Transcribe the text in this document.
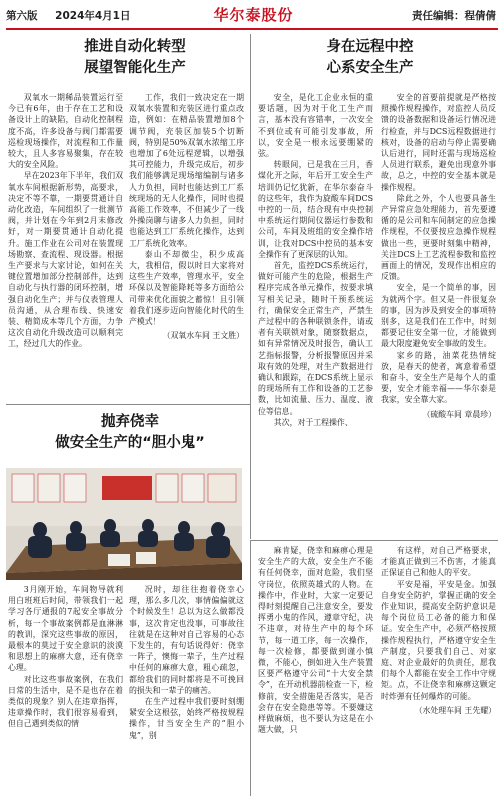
第六版 2024年4月1日	华尔泰股份	责任编辑：程倩倩
推进自动化转型
展望智能化生产

双氧水一期稀品装置运行至今已有6年，由于存在工艺和设备设计上的缺陷，自动化控制程度不高，许多设备与阀门都需要巡检现场操作，对流程和工作量较大，且人多容易聚集，存在较大的安全风险。

早在2023年下半年，我们双氧水车间根据新形势，高要求，决定不等不靠，一期要贯通计自动化改造，车间组织了一批测节阀，并计划在今年到2月末修改好，对一期要贯通计自动化提升。施工作业在公司对在装置现场勘察、查流程、现设器。根据生产要求与大家讨论，如何在关键位置增加部分控制部件，达到自动化与执行器的闭环控制，增强自动化生产；并与仪表管理人员沟通，从合理布线、快速安装、精简成本等几个方面，力争这次自动化升级改造可以顺利完工，经过几大的作业。

工作，我们一致决定在一期双氧水装置和充装区进行重点改造，例如：在精品装置增加8个调节阀，充装区加装5个切断阀，特别是50%双氧水浓缩工序也增加了6处远程逻辑，以增强其可控能力，升级完成后，初步我们能够满足现场缩编制与诸多人力负担，同时也能达到工厂系统现场的无人化操作，同时也提高能工作效率，不但减少了一线外操岗聊与诸多人力负担，同时也能达到工厂系统化操作，达到工厂系统化效率。

泰山不却微尘，积少成高大，我相信，假以时日大家将对这些生产效率，管理水平，安全环保以及智能降耗等多方面给公司带来优化面貌之蓄惊！且引领着我们逐步迈向智能化时代的生产模式！

（双氧水车间 王文胜）

身在远程中控
心系安全生产

安全，是化工企业永恒的重要话题，因为对于化工生产而言，基本没有容错率，一次安全不到位或有可能引发事故，所以，安全是一根永远要绷紧的弦。

转眼间，已是我在三月，香煤化开之际，年后开工安全生产培训仍记忆犹新，在华尔泰奋斗的这些年，我作为旋酸车间DCS中控的一员，结合现有中央控制中系统运行期间仪器运行参数和公司，车间及班组的安全操作培训，让我对DCS中控员的基本安全操作有了更深层的认知。

首先，监控DCS系统运行，做好可能产生的危险，根据生产程序完成各单元操作，按要求填写相关记录，随时干预系统运行，确保安全正常生产，严禁生产过程中的各种联锁条件，请或者有关联锁对象，随察数据点，如有异常情况及时报告，确认工艺指标报警，分析报警原因并采取有效的处理，对生产数据进行确认和跟踪，在DCS系统上显示的现场所有工作和设备的工艺参数，比如流量、压力、温度、液位等信息。

其次，对于工程操作、

安全的首要前提就是严格按照操作规程操作，对监控人员反馈的设备数据和设备运行情况进行检查，并与DCS远程数据进行核对，设备的启动与停止需要确认后进行，同时还需与现场巡检人员进行联系，避免出现意外事故，总之，中控的安全基本就是操作规程。

除此之外，个人也要具备生产异常应急处理能力，首先要遵循的是公司和车间制定的应急操作规程，不仅要按应急操作规程做出一些，更要时刻集中精神，关注DCS上工艺流程参数和监控画面上的情况，发现作出相应的反馈。

安全，是一个简单的事，因为就两个字。但又是一件很复杂的事，因为涉及到安全的事项特别多，这是我们在工作中，时刻都要记住安全第一位，才能做到最大限度避免安全事故的发生。

家乡的路，油菜花热情绽放，是春天的使者，寓意着希望和奋斗，安全生产是每个人的重要，安全才能幸福——华尔泰是我家，安全靠大家。

（硫酸车间 章晨珍）

抛弃侥幸
做安全生产的“胆小鬼”

3月刚开始，车间物导就利用白班班后时间，带领我们一起学习各厅通报的7起安全事故分析，每一个事故案例都是血淋淋的教训，深究这些事故的原因，最根本的莫过于安全意识的淡漠和思想上的麻痹大意，还有侥幸心理。

对比这些事故案例，在我们日常的生活中，是不是也存在着类似的现象？别人在违章指挥，违章操作时，我们很容易看到，但自己遇到类似的情

况时，却往往抱着侥幸心理，那么多几次，事情偏偏就这个时候发生！总以为这么做都没事，这次肯定也没事，可事故往往就是在这种对自己容易的心态下发生的，有句话说得好：侥幸一阵子，懊悔一辈子，生产过程中任何的麻痹大意，粗心疏忽，都给我们的同时都将是不可挽回的损失和一辈子的痛苦。

在生产过程中我们要时刻绷紧安全这根弦，始终严格按规程操作，甘当安全生产的“胆小鬼”，别

麻肯疑，侥幸和麻痹心理是安全生产的大敌，安全生产不能有任何侥幸，面对危险，我们坚守岗位，依照英雄式的人物。在操作中，作业时，大家一定要记得时刻提醒自己注意安全，要发挥勇小鬼的作风，遵章守纪，决不违章，对待生产中的每个环节，每一道工序，每一次操作，每一次检修，都要做到谨小慎微，不能心，倒如进入生产装置区要严格遵守公司“十大安全禁令”，在开动机器前检查一下，检修前，安全措施是否落实，是否会存在安全隐患等等。不要嫌这样做麻烦，也不要认为这是在小题大做，只

有这样，对自己严格要求，才能真正做到三不伤害，才能真正保证自己和他人的平安。

平安是福，平安是金。加强自身安全防护，掌握正确的安全作业知识，提高安全防护意识是每个岗位员工必备的能力和保证。安全生产中，必须严格按照操作规程执行，严格遵守安全生产制度，只要我们自己、对家庭、对企业最好的负责任，愿我们每个人都能在安全工作中守规矩。点，不让侥幸和麻痹这颗定时炸弹有任何爆炸的可能。

（水处理车间 王先耀）
